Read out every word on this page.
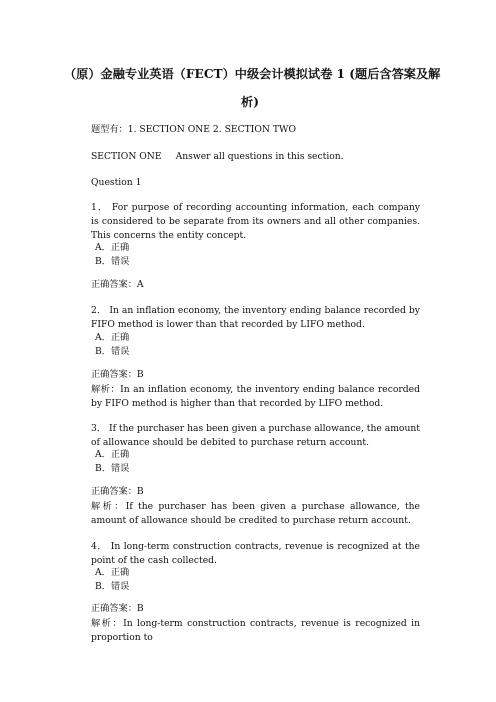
（原）金融专业英语（FECT）中级会计模拟试卷 1 (题后含答案及解
析)
题型有：1. SECTION ONE 2. SECTION TWO
SECTION ONE Answer all questions in this section.
Question 1
1． For purpose of recording accounting information, each company is considered to be separate from its owners and all other companies. This concerns the entity concept.
A．正确
B．错误
正确答案：A
2． In an inflation economy, the inventory ending balance recorded by FIFO method is lower than that recorded by LIFO method.
A．正确
B．错误
正确答案：B
解析：In an inflation economy, the inventory ending balance recorded by FIFO method is higher than that recorded by LIFO method.
3． If the purchaser has been given a purchase allowance, the amount of allowance should be debited to purchase return account.
A．正确
B．错误
正确答案：B
解析：If the purchaser has been given a purchase allowance, the amount of allowance should be credited to purchase return account.
4． In long-term construction contracts, revenue is recognized at the point of the cash collected.
A．正确
B．错误
正确答案：B
解析：In long-term construction contracts, revenue is recognized in proportion to
